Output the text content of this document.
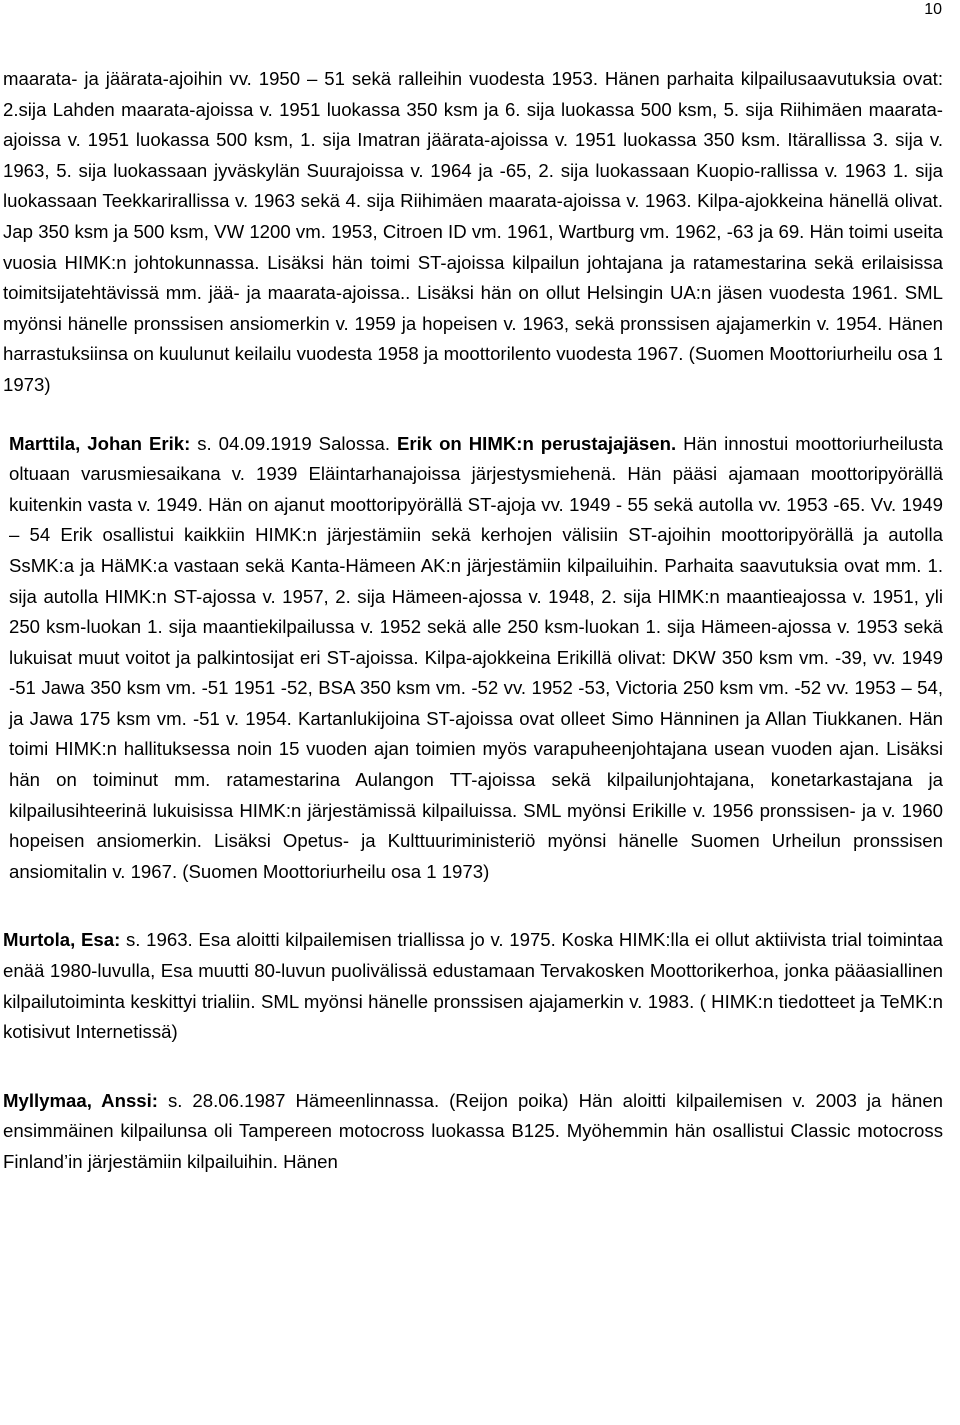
10

maarata- ja jäärata-ajoihin vv. 1950 – 51 sekä ralleihin vuodesta 1953. Hänen parhaita kilpailusaavutuksia ovat: 2.sija Lahden maarata-ajoissa v. 1951 luokassa 350 ksm ja 6. sija luokassa 500 ksm, 5. sija Riihimäen maarata-ajoissa v. 1951 luokassa 500 ksm, 1. sija Imatran jäärata-ajoissa v. 1951 luokassa 350 ksm. Itärallissa 3. sija v. 1963, 5. sija luokassaan jyväskylän Suurajoissa v. 1964 ja -65, 2. sija luokassaan Kuopio-rallissa v. 1963 1. sija luokassaan Teekkarirallissa v. 1963 sekä 4. sija Riihimäen maarata-ajoissa v. 1963. Kilpa-ajokkeina hänellä olivat. Jap 350 ksm ja 500 ksm, VW 1200 vm. 1953, Citroen ID vm. 1961, Wartburg vm. 1962, -63 ja 69. Hän toimi useita vuosia HIMK:n johtokunnassa. Lisäksi hän toimi ST-ajoissa kilpailun johtajana ja ratamestarina sekä erilaisissa toimitsijatehtävissä mm. jää- ja maarata-ajoissa.. Lisäksi hän on ollut Helsingin UA:n jäsen vuodesta 1961. SML myönsi hänelle pronssisen ansiomerkin v. 1959 ja hopeisen v. 1963, sekä pronssisen ajajamerkin v. 1954. Hänen harrastuksiinsa on kuulunut keilailu vuodesta 1958 ja moottorilento vuodesta 1967. (Suomen Moottoriurheilu osa 1 1973)

Marttila, Johan Erik: s. 04.09.1919 Salossa. Erik on HIMK:n perustajajäsen. Hän innostui moottoriurheilusta oltuaan varusmiesaikana v. 1939 Eläintarhanajoissa järjestysmiehenä. Hän pääsi ajamaan moottoripyörällä kuitenkin vasta v. 1949. Hän on ajanut moottoripyörällä ST-ajoja vv. 1949 - 55 sekä autolla vv. 1953 -65. Vv. 1949 – 54 Erik osallistui kaikkiin HIMK:n järjestämiin sekä kerhojen välisiin ST-ajoihin moottoripyörällä ja autolla SsMK:a ja HäMK:a vastaan sekä Kanta-Hämeen AK:n järjestämiin kilpailuihin. Parhaita saavutuksia ovat mm. 1. sija autolla HIMK:n ST-ajossa v. 1957, 2. sija Hämeen-ajossa v. 1948, 2. sija HIMK:n maantieajossa v. 1951, yli 250 ksm-luokan 1. sija maantiekilpailussa v. 1952 sekä alle 250 ksm-luokan 1. sija Hämeen-ajossa v. 1953 sekä lukuisat muut voitot ja palkintosijat eri ST-ajoissa. Kilpa-ajokkeina Erikillä olivat: DKW 350 ksm vm. -39, vv. 1949 -51 Jawa 350 ksm vm. -51 1951 -52, BSA 350 ksm vm. -52 vv. 1952 -53, Victoria 250 ksm vm. -52 vv. 1953 – 54, ja Jawa 175 ksm vm. -51 v. 1954. Kartanlukijoina ST-ajoissa ovat olleet Simo Hänninen ja Allan Tiukkanen. Hän toimi HIMK:n hallituksessa noin 15 vuoden ajan toimien myös varapuheenjohtajana usean vuoden ajan. Lisäksi hän on toiminut mm. ratamestarina Aulangon TT-ajoissa sekä kilpailunjohtajana, konetarkastajana ja kilpailusihteerinä lukuisissa HIMK:n järjestämissä kilpailuissa. SML myönsi Erikille v. 1956 pronssisen- ja v. 1960 hopeisen ansiomerkin. Lisäksi Opetus- ja Kulttuuriministeriö myönsi hänelle Suomen Urheilun pronssisen ansiomitalin v. 1967. (Suomen Moottoriurheilu osa 1 1973)

Murtola, Esa: s. 1963. Esa aloitti kilpailemisen triallissa jo v. 1975. Koska HIMK:lla ei ollut aktiivista trial toimintaa enää 1980-luvulla, Esa muutti 80-luvun puolivälissä edustamaan Tervakosken Moottorikerhoa, jonka pääasiallinen kilpailutoiminta keskittyi trialiin. SML myönsi hänelle pronssisen ajajamerkin v. 1983. ( HIMK:n tiedotteet ja TeMK:n kotisivut Internetissä)

Myllymaa, Anssi: s. 28.06.1987 Hämeenlinnassa. (Reijon poika) Hän aloitti kilpailemisen v. 2003 ja hänen ensimmäinen kilpailunsa oli Tampereen motocross luokassa B125. Myöhemmin hän osallistui Classic motocross Finland’in järjestämiin kilpailuihin. Hänen
